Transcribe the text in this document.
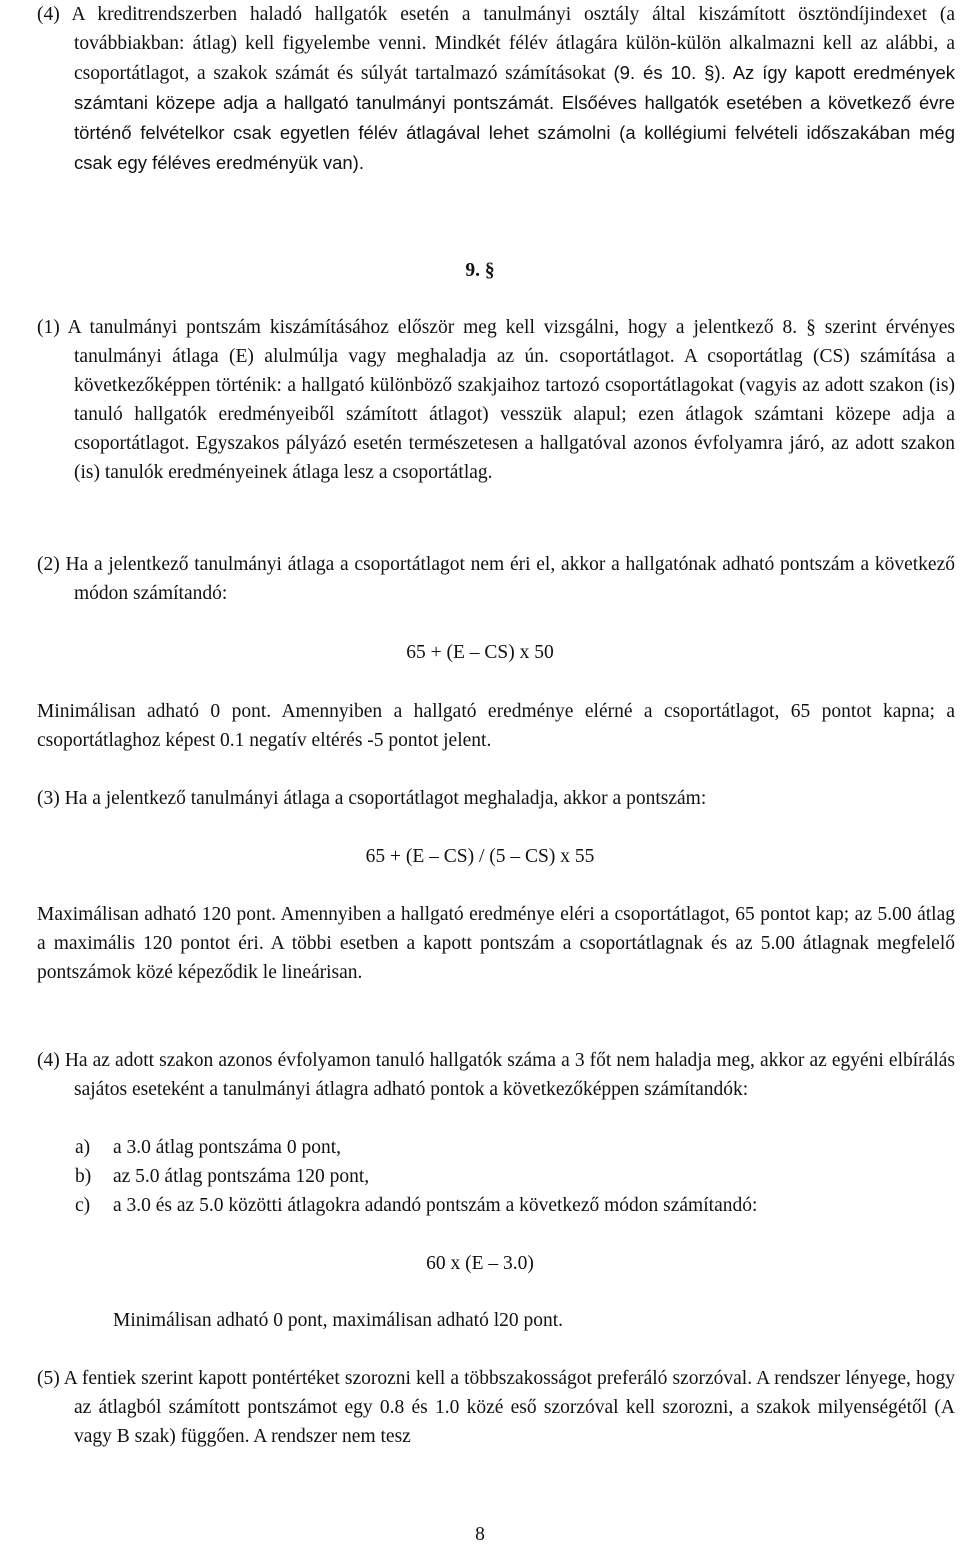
(4) A kreditrendszerben haladó hallgatók esetén a tanulmányi osztály által kiszámított ösztöndíjindexet (a továbbiakban: átlag) kell figyelembe venni. Mindkét félév átlagára külön-külön alkalmazni kell az alábbi, a csoportátlagot, a szakok számát és súlyát tartalmazó számításokat (9. és 10. §). Az így kapott eredmények számtani közepe adja a hallgató tanulmányi pontszámát. Elsőéves hallgatók esetében a következő évre történő felvételkor csak egyetlen félév átlagával lehet számolni (a kollégiumi felvételi időszakában még csak egy féléves eredményük van).
9. §
(1) A tanulmányi pontszám kiszámításához először meg kell vizsgálni, hogy a jelentkező 8. § szerint érvényes tanulmányi átlaga (E) alulmúlja vagy meghaladja az ún. csoportátlagot. A csoportátlag (CS) számítása a következőképpen történik: a hallgató különböző szakjaihoz tartozó csoportátlagokat (vagyis az adott szakon (is) tanuló hallgatók eredményeiből számított átlagot) vesszük alapul; ezen átlagok számtani közepe adja a csoportátlagot. Egyszakos pályázó esetén természetesen a hallgatóval azonos évfolyamra járó, az adott szakon (is) tanulók eredményeinek átlaga lesz a csoportátlag.
(2) Ha a jelentkező tanulmányi átlaga a csoportátlagot nem éri el, akkor a hallgatónak adható pontszám a következő módon számítandó:
65 + (E – CS) x 50
Minimálisan adható 0 pont. Amennyiben a hallgató eredménye elérné a csoportátlagot, 65 pontot kapna; a csoportátlaghoz képest 0.1 negatív eltérés -5 pontot jelent.
(3) Ha a jelentkező tanulmányi átlaga a csoportátlagot meghaladja, akkor a pontszám:
65 + (E – CS) / (5 – CS) x 55
Maximálisan adható 120 pont. Amennyiben a hallgató eredménye eléri a csoportátlagot, 65 pontot kap; az 5.00 átlag a maximális 120 pontot éri. A többi esetben a kapott pontszám a csoportátlagnak és az 5.00 átlagnak megfelelő pontszámok közé képeződik le lineárisan.
(4) Ha az adott szakon azonos évfolyamon tanuló hallgatók száma a 3 főt nem haladja meg, akkor az egyéni elbírálás sajátos eseteként a tanulmányi átlagra adható pontok a következőképpen számítandók:
a) a 3.0 átlag pontszáma 0 pont,
b) az 5.0 átlag pontszáma 120 pont,
c) a 3.0 és az 5.0 közötti átlagokra adandó pontszám a következő módon számítandó:
60 x (E – 3.0)
Minimálisan adható 0 pont, maximálisan adható l20 pont.
(5) A fentiek szerint kapott pontértéket szorozni kell a többszakosságot preferáló szorzóval. A rendszer lényege, hogy az átlagból számított pontszámot egy 0.8 és 1.0 közé eső szorzóval kell szorozni, a szakok milyenségétől (A vagy B szak) függően. A rendszer nem tesz
8
